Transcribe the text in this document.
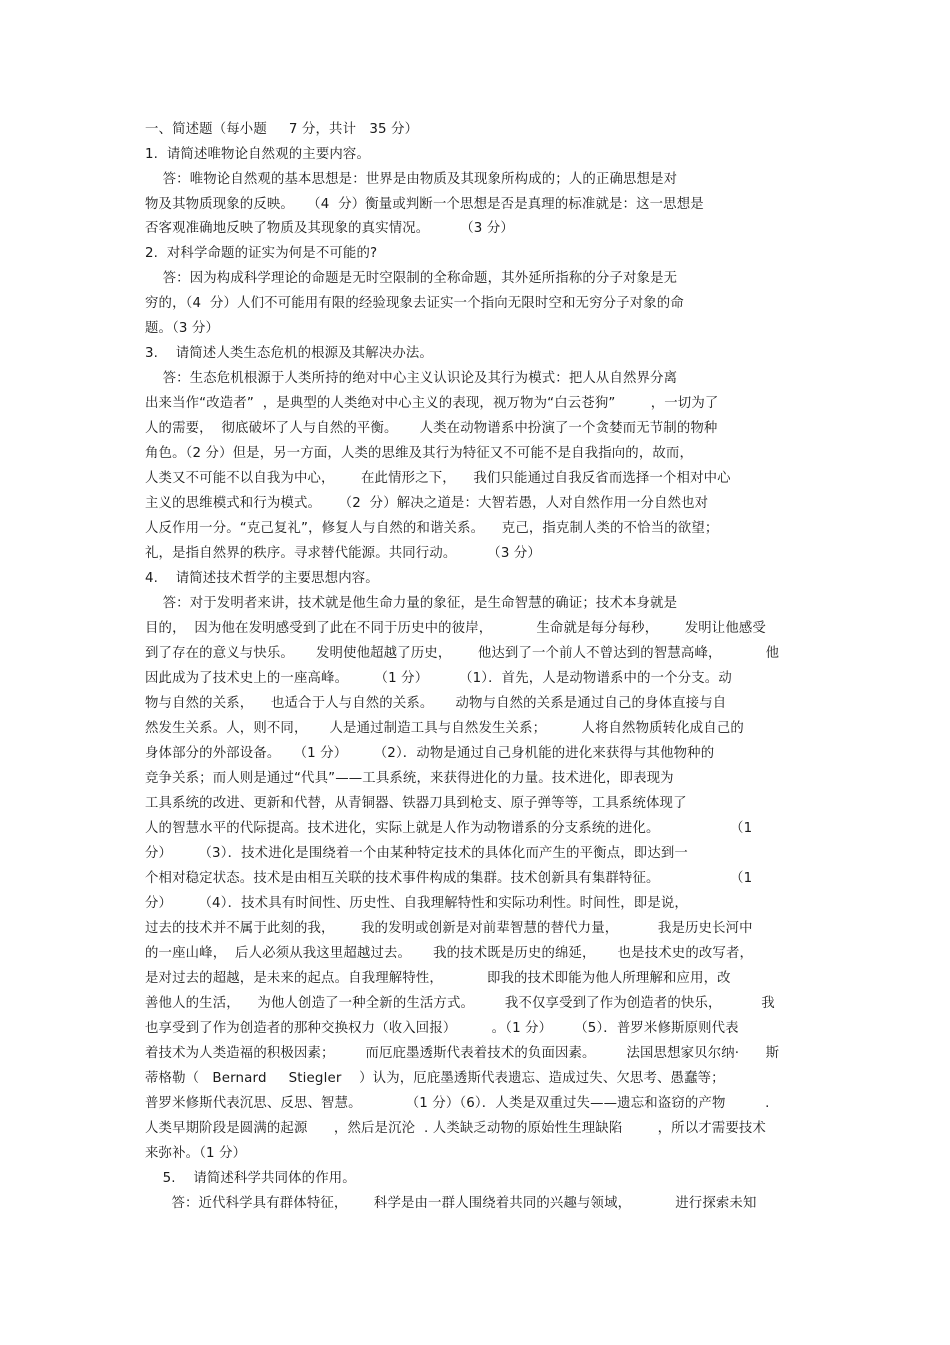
一、简述题（每小题     7 分，共计   35 分）
1.  请简述唯物论自然观的主要内容。
答：唯物论自然观的基本思想是：世界是由物质及其现象所构成的；人的正确思想是对
物及其物质现象的反映。   （4  分）衡量或判断一个思想是否是真理的标准就是：这一思想是
否客观准确地反映了物质及其现象的真实情况。       （3 分）
2.  对科学命题的证实为何是不可能的?
答：因为构成科学理论的命题是无时空限制的全称命题，其外延所指称的分子对象是无
穷的，（4  分）人们不可能用有限的经验现象去证实一个指向无限时空和无穷分子对象的命
题。（3 分）
3.    请简述人类生态危机的根源及其解决办法。
答：生态危机根源于人类所持的绝对中心主义认识论及其行为模式：把人从自然界分离
出来当作“改造者”  ，是典型的人类绝对中心主义的表现，视万物为“白云苍狗”        ，一切为了
人的需要，  彻底破坏了人与自然的平衡。     人类在动物谱系中扮演了一个贪婪而无节制的物种
角色。（2 分）但是，另一方面，人类的思维及其行为特征又不可能不是自我指向的，故而，
人类又不可能不以自我为中心，      在此情形之下，    我们只能通过自我反省而选择一个相对中心
主义的思维模式和行为模式。    （2  分）解决之道是：大智若愚，人对自然作用一分自然也对
人反作用一分。“克己复礼”，修复人与自然的和谐关系。    克己，指克制人类的不恰当的欲望；
礼，是指自然界的秩序。寻求替代能源。共同行动。       （3 分）
4.    请简述技术哲学的主要思想内容。
答：对于发明者来讲，技术就是他生命力量的象征，是生命智慧的确证；技术本身就是
目的，  因为他在发明感受到了此在不同于历史中的彼岸，          生命就是每分每秒，      发明让他感受
到了存在的意义与快乐。     发明使他超越了历史，      他达到了一个前人不曾达到的智慧高峰，          他
因此成为了技术史上的一座高峰。      （1 分）       （1）．首先，人是动物谱系中的一个分支。动
物与自然的关系，    也适合于人与自然的关系。     动物与自然的关系是通过自己的身体直接与自
然发生关系。人，则不同，     人是通过制造工具与自然发生关系；        人将自然物质转化成自己的
身体部分的外部设备。   （1 分）      （2）．动物是通过自己身机能的进化来获得与其他物种的
竞争关系；而人则是通过“代具”——工具系统，来获得进化的力量。技术进化，即表现为
工具系统的改进、更新和代替，从青铜器、铁器刀具到枪支、原子弹等等，工具系统体现了
人的智慧水平的代际提高。技术进化，实际上就是人作为动物谱系的分支系统的进化。                （1
分）      （3）．技术进化是围绕着一个由某种特定技术的具体化而产生的平衡点，即达到一
个相对稳定状态。技术是由相互关联的技术事件构成的集群。技术创新具有集群特征。                （1
分）      （4）．技术具有时间性、历史性、自我理解特性和实际功利性。时间性，即是说，
过去的技术并不属于此刻的我，      我的发明或创新是对前辈智慧的替代力量，         我是历史长河中
的一座山峰，  后人必须从我这里超越过去。     我的技术既是历史的绵延，     也是技术史的改写者，
是对过去的超越，是未来的起点。自我理解特性，          即我的技术即能为他人所理解和应用，改
善他人的生活，    为他人创造了一种全新的生活方式。       我不仅享受到了作为创造者的快乐，         我
也享受到了作为创造者的那种交换权力（收入回报）        。（1 分）     （5）．普罗米修斯原则代表
着技术为人类造福的积极因素；       而厄庇墨透斯代表着技术的负面因素。       法国思想家贝尔纳·      斯
蒂格勒（   Bernard     Stiegler    ）认为，厄庇墨透斯代表遗忘、造成过失、欠思考、愚蠢等；
普罗米修斯代表沉思、反思、智慧。          （1 分）（6）．人类是双重过失——遗忘和盗窃的产物         .
人类早期阶段是圆满的起源      ，然后是沉沦  . 人类缺乏动物的原始性生理缺陷        ，所以才需要技术
来弥补。（1 分）
5.    请简述科学共同体的作用。
答：近代科学具有群体特征，      科学是由一群人围绕着共同的兴趣与领域，          进行探索未知
